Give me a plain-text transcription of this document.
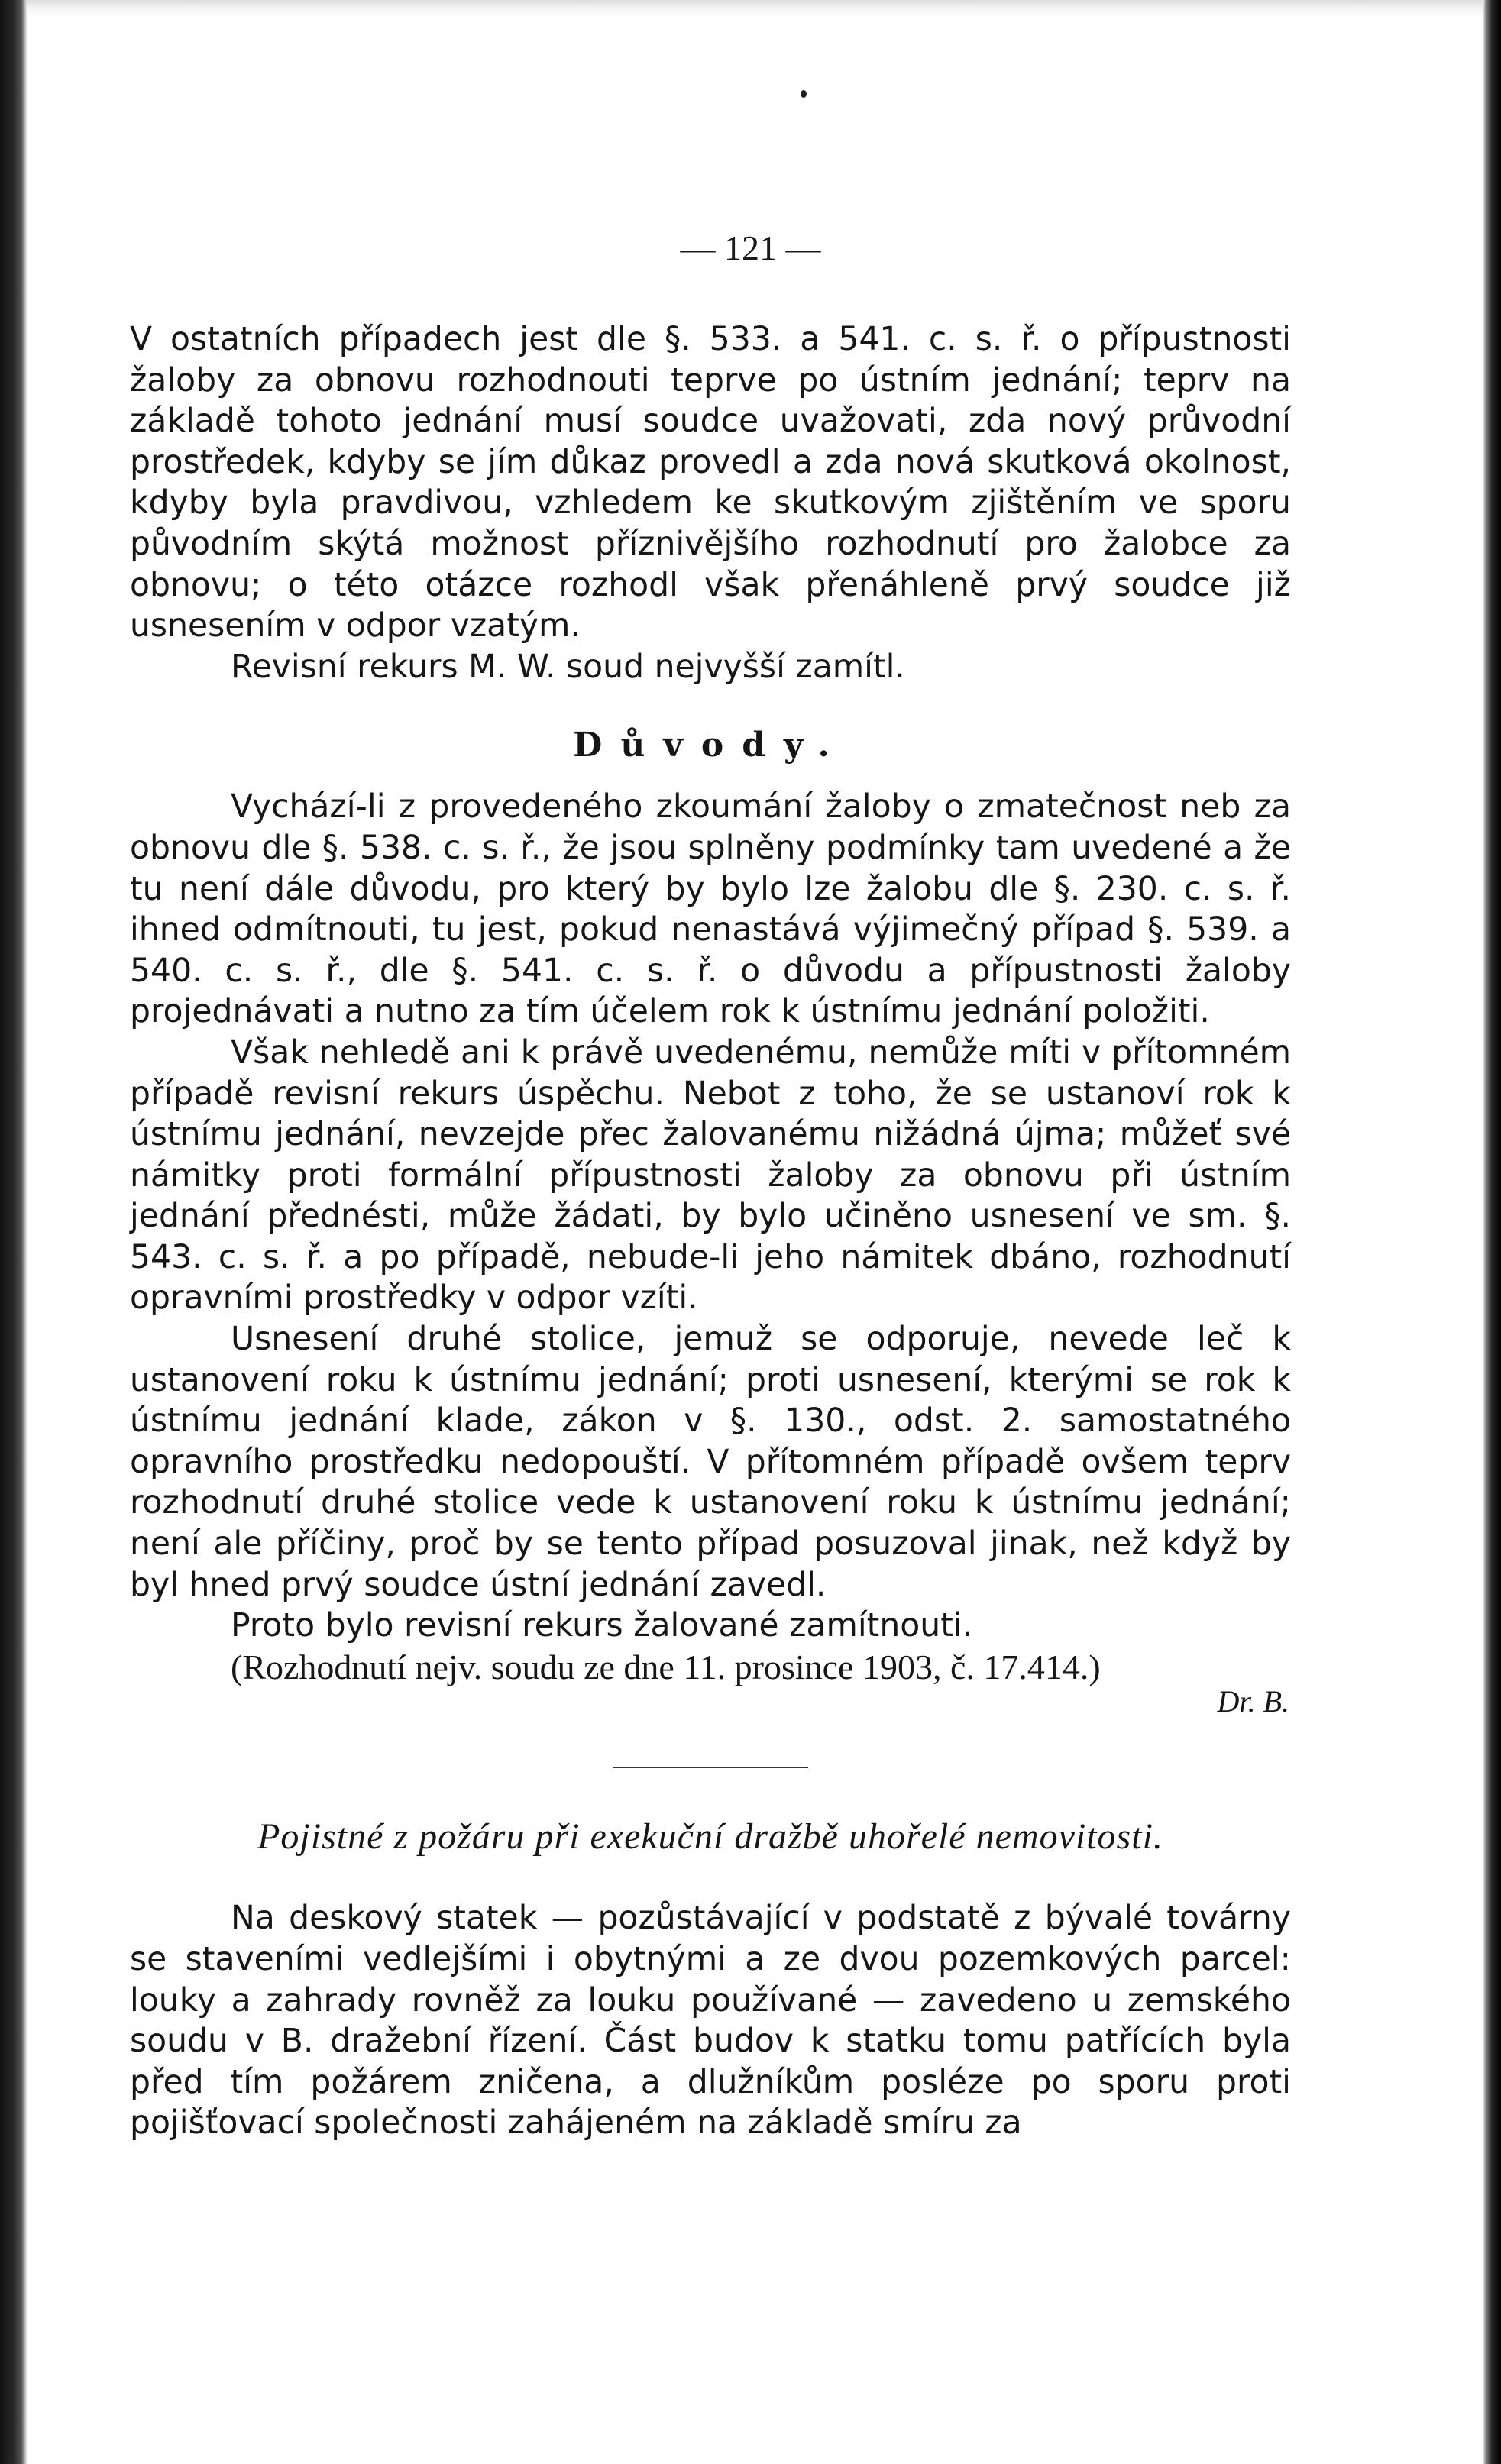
— 121 —

V ostatních případech jest dle §. 533. a 541. c. s. ř. o přípustnosti žaloby za obnovu rozhodnouti teprve po ústním jednání; teprv na základě tohoto jednání musí soudce uvažovati, zda nový průvodní prostředek, kdyby se jím důkaz provedl a zda nová skutková okolnost, kdyby byla pravdivou, vzhledem ke skutkovým zjištěním ve sporu původním skýtá možnost příznivějšího rozhodnutí pro žalobce za obnovu; o této otázce rozhodl však přenáhleně prvý soudce již usnesením v odpor vzatým.

Revisní rekurs M. W. soud nejvyšší zamítl.

Důvody.

Vychází-li z provedeného zkoumání žaloby o zmatečnost neb za obnovu dle §. 538. c. s. ř., že jsou splněny podmínky tam uvedené a že tu není dále důvodu, pro který by bylo lze žalobu dle §. 230. c. s. ř. ihned odmítnouti, tu jest, pokud nenastává výjimečný případ §. 539. a 540. c. s. ř., dle §. 541. c. s. ř. o důvodu a přípustnosti žaloby projednávati a nutno za tím účelem rok k ústnímu jednání položiti.

Však nehledě ani k právě uvedenému, nemůže míti v přítomném případě revisní rekurs úspěchu. Nebot z toho, že se ustanoví rok k ústnímu jednání, nevzejde přec žalovanému nižádná újma; můžeť své námitky proti formální přípustnosti žaloby za obnovu při ústním jednání přednésti, může žádati, by bylo učiněno usnesení ve sm. §. 543. c. s. ř. a po případě, nebude-li jeho námitek dbáno, rozhodnutí opravními prostředky v odpor vzíti.

Usnesení druhé stolice, jemuž se odporuje, nevede leč k ustanovení roku k ústnímu jednání; proti usnesení, kterými se rok k ústnímu jednání klade, zákon v §. 130., odst. 2. samostatného opravního prostředku nedopouští. V přítomném případě ovšem teprv rozhodnutí druhé stolice vede k ustanovení roku k ústnímu jednání; není ale příčiny, proč by se tento případ posuzoval jinak, než když by byl hned prvý soudce ústní jednání zavedl.

Proto bylo revisní rekurs žalované zamítnouti.

(Rozhodnutí nejv. soudu ze dne 11. prosince 1903, č. 17.414.)

Dr. B.

Pojistné z požáru při exekuční dražbě uhořelé nemovitosti.

Na deskový statek — pozůstávající v podstatě z bývalé továrny se staveními vedlejšími i obytnými a ze dvou pozemkových parcel: louky a zahrady rovněž za louku používané — zavedeno u zemského soudu v B. dražební řízení. Část budov k statku tomu patřících byla před tím požárem zničena, a dlužníkům posléze po sporu proti pojišťovací společnosti zahájeném na základě smíru za
